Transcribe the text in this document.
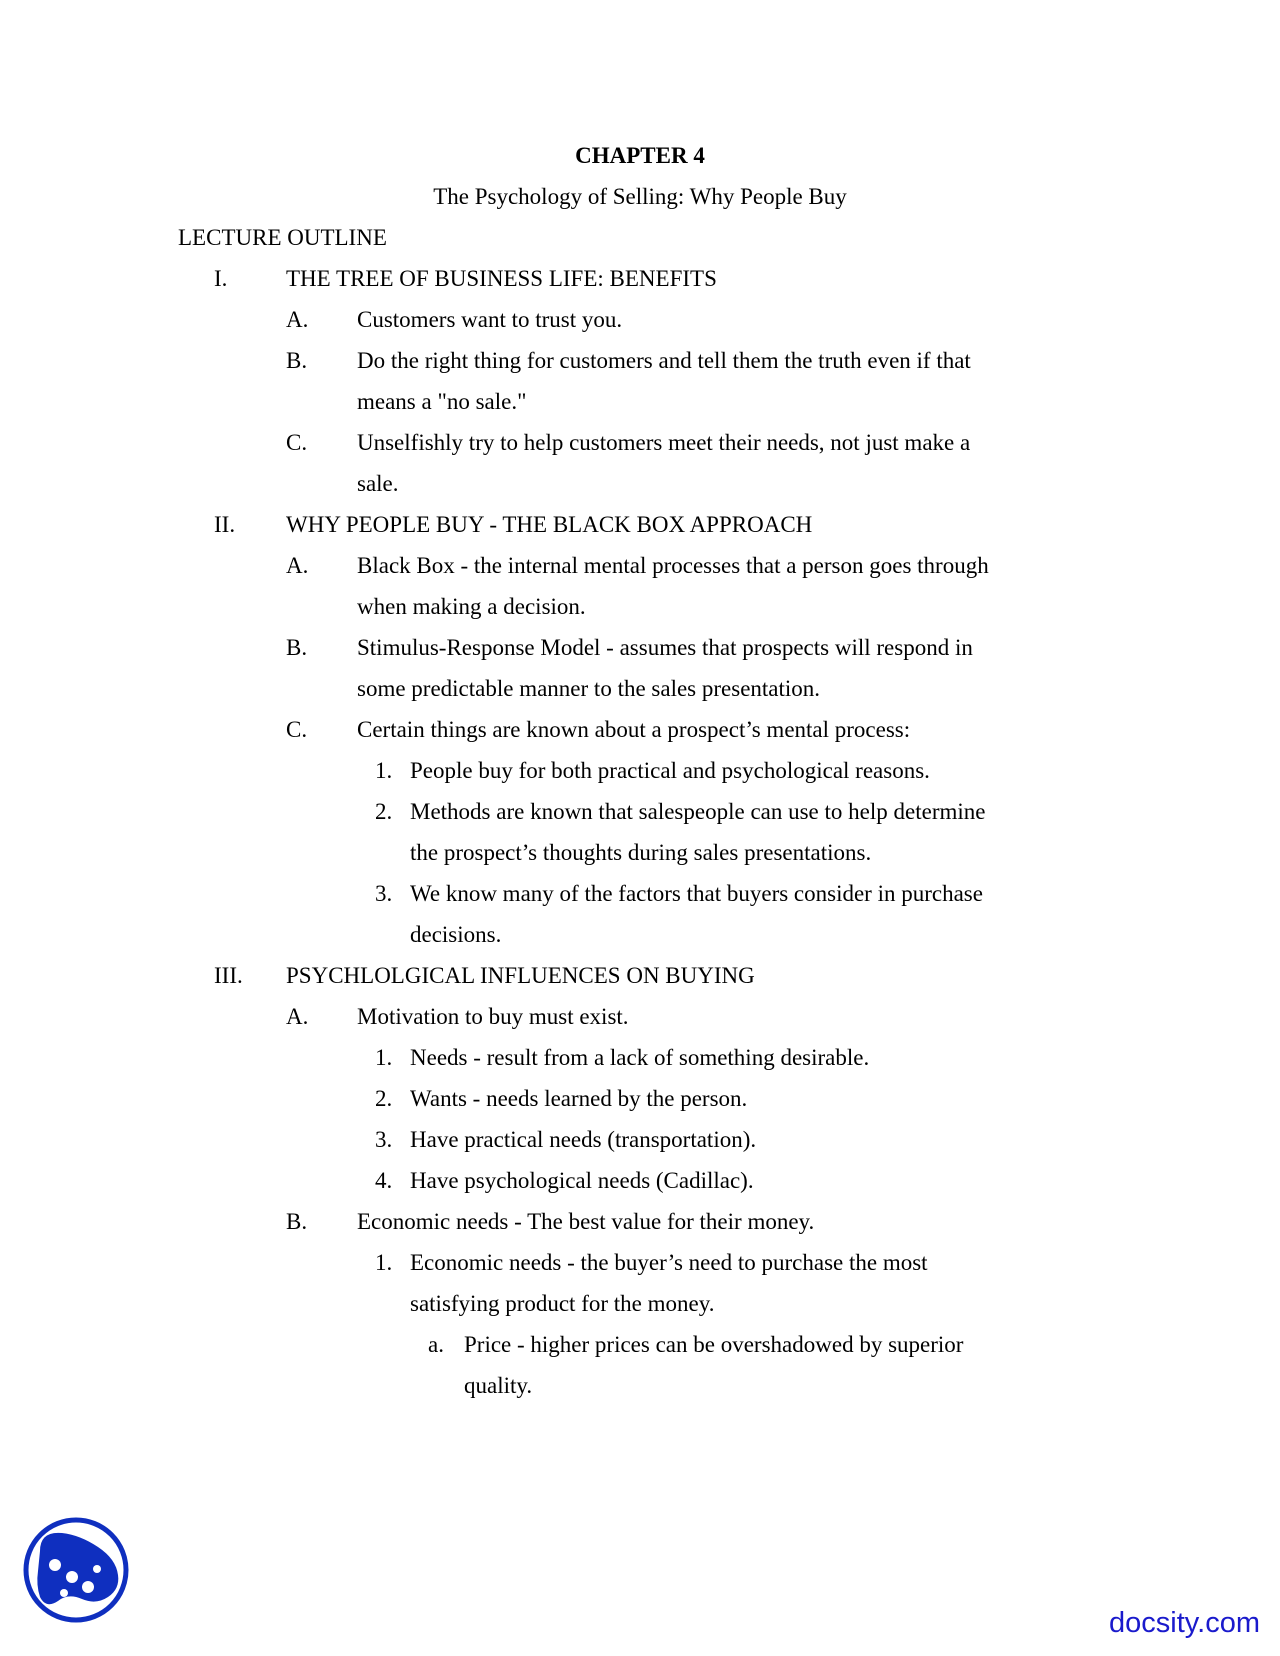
CHAPTER 4
The Psychology of Selling: Why People Buy
LECTURE OUTLINE
I.	THE TREE OF BUSINESS LIFE: BENEFITS
A. Customers want to trust you.
B. Do the right thing for customers and tell them the truth even if that
means a "no sale."
C. Unselfishly try to help customers meet their needs, not just make a
sale.
II. WHY PEOPLE BUY - THE BLACK BOX APPROACH
A. Black Box - the internal mental processes that a person goes through
when making a decision.
B. Stimulus-Response Model - assumes that prospects will respond in
some predictable manner to the sales presentation.
C. Certain things are known about a prospect’s mental process:
1. People buy for both practical and psychological reasons.
2. Methods are known that salespeople can use to help determine
the prospect’s thoughts during sales presentations.
3. We know many of the factors that buyers consider in purchase
decisions.
III. PSYCHLOLGICAL INFLUENCES ON BUYING
A. Motivation to buy must exist.
1. Needs - result from a lack of something desirable.
2. Wants - needs learned by the person.
3. Have practical needs (transportation).
4. Have psychological needs (Cadillac).
B. Economic needs - The best value for their money.
1. Economic needs - the buyer’s need to purchase the most
satisfying product for the money.
a. Price - higher prices can be overshadowed by superior
quality.
docsity.com
